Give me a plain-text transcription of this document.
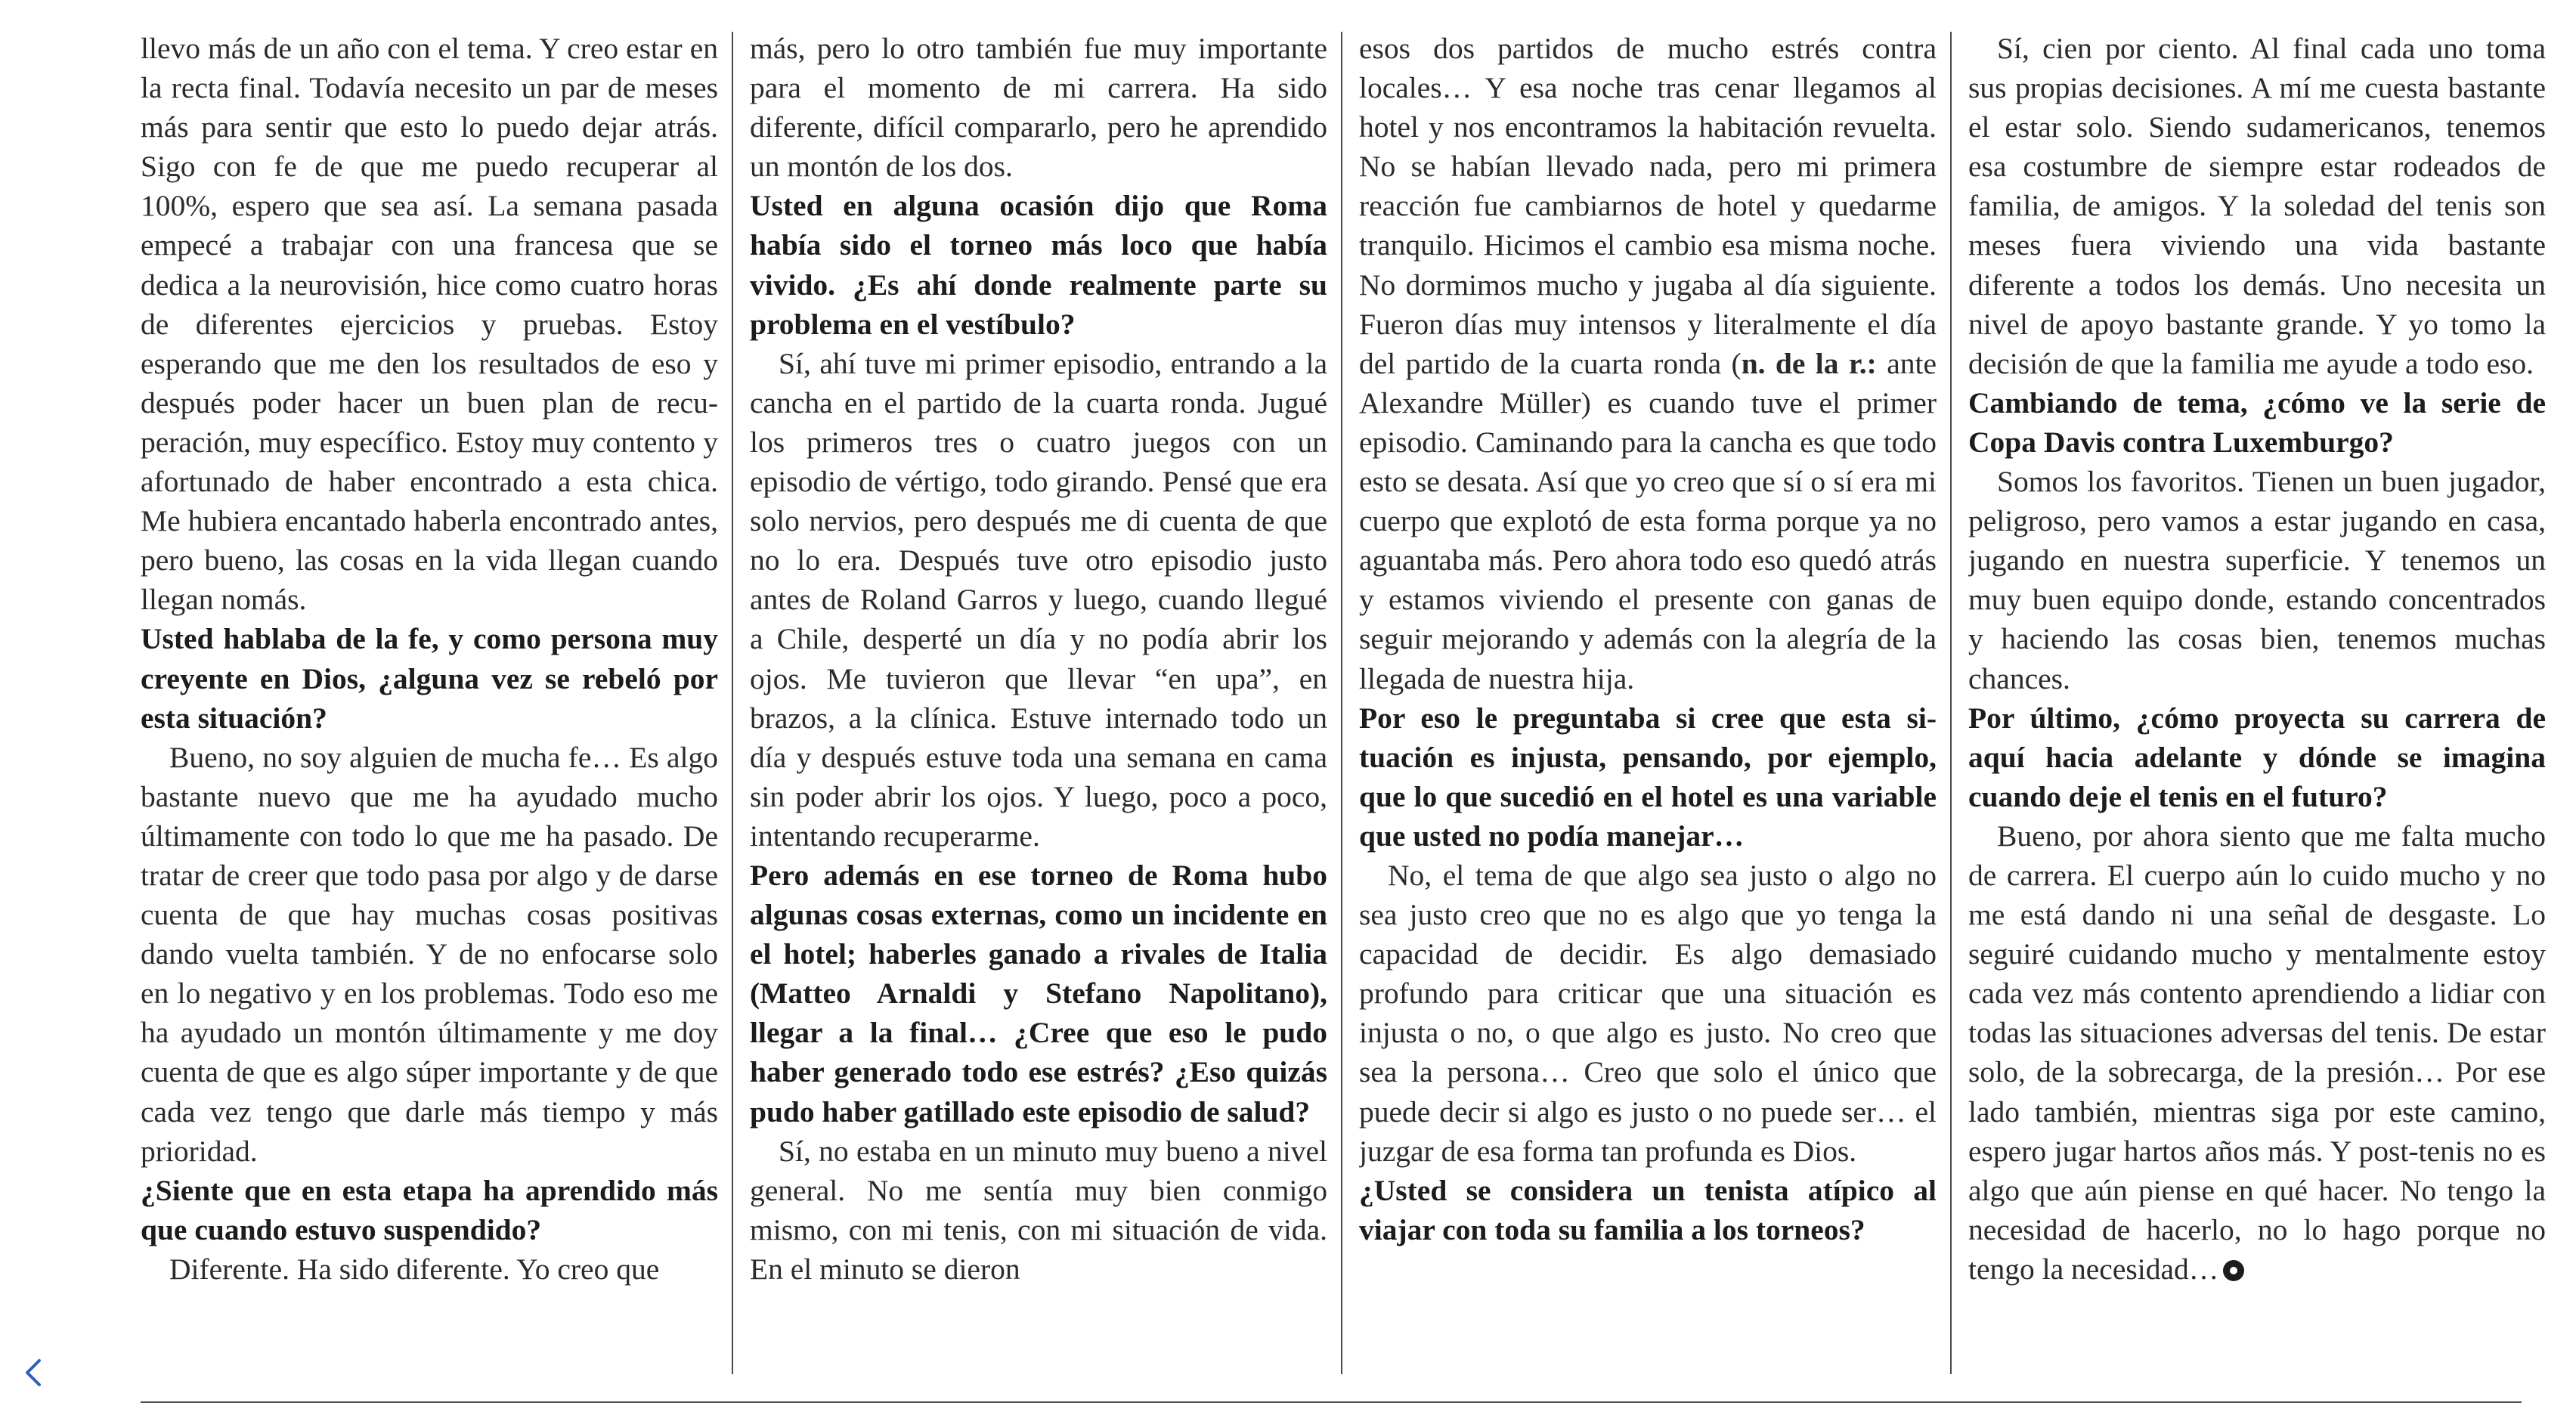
llevo más de un año con el tema. Y creo estar en la recta final. Todavía necesito un par de meses más para sentir que esto lo puedo dejar atrás. Sigo con fe de que me puedo recuperar al 100%, espero que sea así. La semana pasada empecé a trabajar con una francesa que se dedica a la neurovisión, hice como cuatro horas de diferentes ejercicios y pruebas. Estoy esperando que me den los resultados de eso y después poder hacer un buen plan de recuperación, muy específico. Estoy muy contento y afortunado de haber encontrado a esta chica. Me hubiera encantado haberla encontrado antes, pero bueno, las cosas en la vida llegan cuando llegan nomás.

Usted hablaba de la fe, y como persona muy creyente en Dios, ¿alguna vez se rebeló por esta situación?

Bueno, no soy alguien de mucha fe… Es algo bastante nuevo que me ha ayudado mucho últimamente con todo lo que me ha pasado. De tratar de creer que todo pasa por algo y de darse cuenta de que hay muchas cosas positivas dando vuelta también. Y de no enfocarse solo en lo negativo y en los problemas. Todo eso me ha ayudado un montón últimamente y me doy cuenta de que es algo súper importante y de que cada vez tengo que darle más tiempo y más prioridad.

¿Siente que en esta etapa ha aprendido más que cuando estuvo suspendido?

Diferente. Ha sido diferente. Yo creo que

más, pero lo otro también fue muy importante para el momento de mi carrera. Ha sido diferente, difícil compararlo, pero he aprendido un montón de los dos.

Usted en alguna ocasión dijo que Roma había sido el torneo más loco que había vivido. ¿Es ahí donde realmente parte su problema en el vestíbulo?

Sí, ahí tuve mi primer episodio, entrando a la cancha en el partido de la cuarta ronda. Jugué los primeros tres o cuatro juegos con un episodio de vértigo, todo girando. Pensé que era solo nervios, pero después me di cuenta de que no lo era. Después tuve otro episodio justo antes de Roland Garros y luego, cuando llegué a Chile, desperté un día y no podía abrir los ojos. Me tuvieron que llevar “en upa”, en brazos, a la clínica. Estuve internado todo un día y después estuve toda una semana en cama sin poder abrir los ojos. Y luego, poco a poco, intentando recuperarme.

Pero además en ese torneo de Roma hubo algunas cosas externas, como un incidente en el hotel; haberles ganado a rivales de Italia (Matteo Arnaldi y Stefano Napolitano), llegar a la final… ¿Cree que eso le pudo haber generado todo ese estrés? ¿Eso quizás pudo haber gatillado este episodio de salud?

Sí, no estaba en un minuto muy bueno a nivel general. No me sentía muy bien conmigo mismo, con mi tenis, con mi situación de vida. En el minuto se dieron

esos dos partidos de mucho estrés contra locales… Y esa noche tras cenar llegamos al hotel y nos encontramos la habitación revuelta. No se habían llevado nada, pero mi primera reacción fue cambiarnos de hotel y quedarme tranquilo. Hicimos el cambio esa misma noche. No dormimos mucho y jugaba al día siguiente. Fueron días muy intensos y literalmente el día del partido de la cuarta ronda (n. de la r.: ante Alexandre Müller) es cuando tuve el primer episodio. Caminando para la cancha es que todo esto se desata. Así que yo creo que sí o sí era mi cuerpo que explotó de esta forma porque ya no aguantaba más. Pero ahora todo eso quedó atrás y estamos viviendo el presente con ganas de seguir mejorando y además con la alegría de la llegada de nuestra hija.

Por eso le preguntaba si cree que esta situación es injusta, pensando, por ejemplo, que lo que sucedió en el hotel es una variable que usted no podía manejar…

No, el tema de que algo sea justo o algo no sea justo creo que no es algo que yo tenga la capacidad de decidir. Es algo demasiado profundo para criticar que una situación es injusta o no, o que algo es justo. No creo que sea la persona… Creo que solo el único que puede decir si algo es justo o no puede ser… el juzgar de esa forma tan profunda es Dios.

¿Usted se considera un tenista atípico al viajar con toda su familia a los torneos?

Sí, cien por ciento. Al final cada uno toma sus propias decisiones. A mí me cuesta bastante el estar solo. Siendo sudamericanos, tenemos esa costumbre de siempre estar rodeados de familia, de amigos. Y la soledad del tenis son meses fuera viviendo una vida bastante diferente a todos los demás. Uno necesita un nivel de apoyo bastante grande. Y yo tomo la decisión de que la familia me ayude a todo eso.

Cambiando de tema, ¿cómo ve la serie de Copa Davis contra Luxemburgo?

Somos los favoritos. Tienen un buen jugador, peligroso, pero vamos a estar jugando en casa, jugando en nuestra superficie. Y tenemos un muy buen equipo donde, estando concentrados y haciendo las cosas bien, tenemos muchas chances.

Por último, ¿cómo proyecta su carrera de aquí hacia adelante y dónde se imagina cuando deje el tenis en el futuro?

Bueno, por ahora siento que me falta mucho de carrera. El cuerpo aún lo cuido mucho y no me está dando ni una señal de desgaste. Lo seguiré cuidando mucho y mentalmente estoy cada vez más contento aprendiendo a lidiar con todas las situaciones adversas del tenis. De estar solo, de la sobrecarga, de la presión… Por ese lado también, mientras siga por este camino, espero jugar hartos años más. Y post-tenis no es algo que aún piense en qué hacer. No tengo la necesidad de hacerlo, no lo hago porque no tengo la necesidad…
